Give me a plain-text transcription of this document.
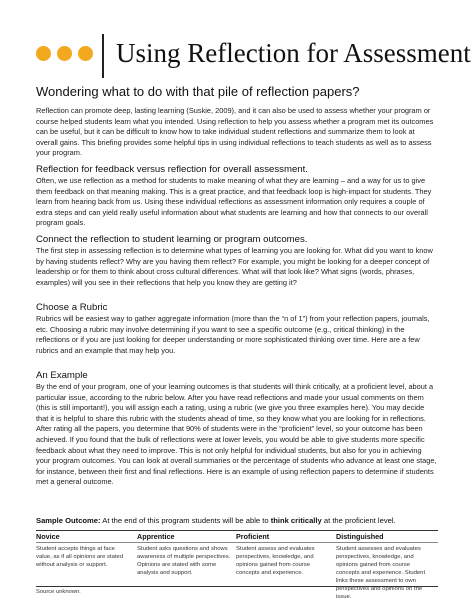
Using Reflection for Assessment
Wondering what to do with that pile of reflection papers?
Reflection can promote deep, lasting learning (Suskie, 2009), and it can also be used to assess whether your program or course helped students learn what you intended. Using reflection to help you assess whether a program met its outcomes can be useful, but it can be difficult to know how to take individual student reflections and summarize them to look at overall gains. This briefing provides some helpful tips in using individual reflections to teach students as well as to assess your program.
Reflection for feedback versus reflection for overall assessment.
Often, we use reflection as a method for students to make meaning of what they are learning – and a way for us to give them feedback on that meaning making. This is a great practice, and that feedback loop is high-impact for students. They learn from hearing back from us. Using these individual reflections as assessment information only requires a couple of extra steps and can yield really useful information about what students are learning and how that connects to our overall program goals.
Connect the reflection to student learning or program outcomes.
The first step in assessing reflection is to determine what types of learning you are looking for. What did you want to know by having students reflect? Why are you having them reflect? For example, you might be looking for a deeper concept of leadership or for them to think about cross cultural differences. What will that look like? What signs (words, phrases, examples) will you see in their reflections that help you know they are getting it?
Choose a Rubric
Rubrics will be easiest way to gather aggregate information (more than the “n of 1”) from your reflection papers, journals, etc. Choosing a rubric may involve determining if you want to see a specific outcome (e.g., critical thinking) in the reflections or if you are just looking for deeper understanding or more sophisticated thinking over time. Here are a few rubrics and an example that may help you.
An Example
By the end of your program, one of your learning outcomes is that students will think critically, at a proficient level, about a particular issue, according to the rubric below. After you have read reflections and made your usual comments on them (this is still important!), you will assign each a rating, using a rubric (we give you three examples here). You may decide that it is helpful to share this rubric with the students ahead of time, so they know what you are looking for in reflections. After rating all the papers, you determine that 90% of students were in the “proficient” level, so your outcome has been achieved. If you found that the bulk of reflections were at lower levels, you would be able to give students more specific feedback about what they need to improve. This is not only helpful for individual students, but also for you in achieving your program outcomes. You can look at overall summaries or the percentage of students who advance at least one stage, for instance, between their first and final reflections. Here is an example of using reflection papers to determine if students met a general outcome.
Sample Outcome: At the end of this program students will be able to think critically at the proficient level.
Novice
Student accepts things at face value, as if all opinions are stated without analysis or support.
Apprentice
Student asks questions and shows awareness of multiple perspectives. Opinions are stated with some analysis and support.
Proficient
Student assess and evaluates perspectives, knowledge, and opinions gained from course concepts and experience.
Distinguished
Student assesses and evaluates perspectives, knowledge, and opinions gained from course concepts and experience. Student links these assessment to own perspectives and opinions on the issue.
Source unknown.
